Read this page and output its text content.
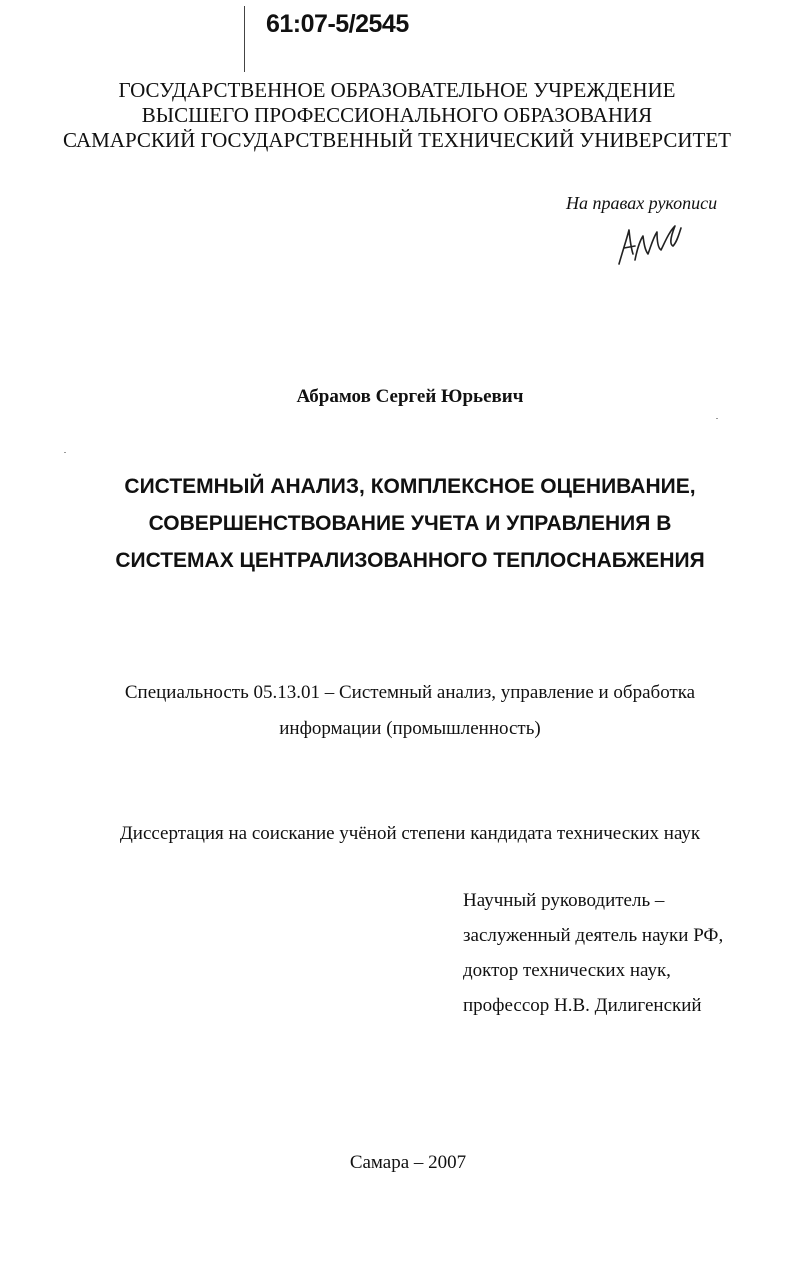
61:07-5/2545
ГОСУДАРСТВЕННОЕ ОБРАЗОВАТЕЛЬНОЕ УЧРЕЖДЕНИЕ
ВЫСШЕГО ПРОФЕССИОНАЛЬНОГО ОБРАЗОВАНИЯ
САМАРСКИЙ ГОСУДАРСТВЕННЫЙ ТЕХНИЧЕСКИЙ УНИВЕРСИТЕТ
На правах рукописи
Абрамов Сергей Юрьевич
СИСТЕМНЫЙ АНАЛИЗ, КОМПЛЕКСНОЕ ОЦЕНИВАНИЕ,
СОВЕРШЕНСТВОВАНИЕ УЧЕТА И УПРАВЛЕНИЯ В
СИСТЕМАХ ЦЕНТРАЛИЗОВАННОГО ТЕПЛОСНАБЖЕНИЯ
Специальность 05.13.01 – Системный анализ, управление и обработка
информации (промышленность)
Диссертация на соискание учёной степени кандидата технических наук
Научный руководитель –
заслуженный деятель науки РФ,
доктор технических наук,
профессор Н.В. Дилигенский
Самара – 2007
